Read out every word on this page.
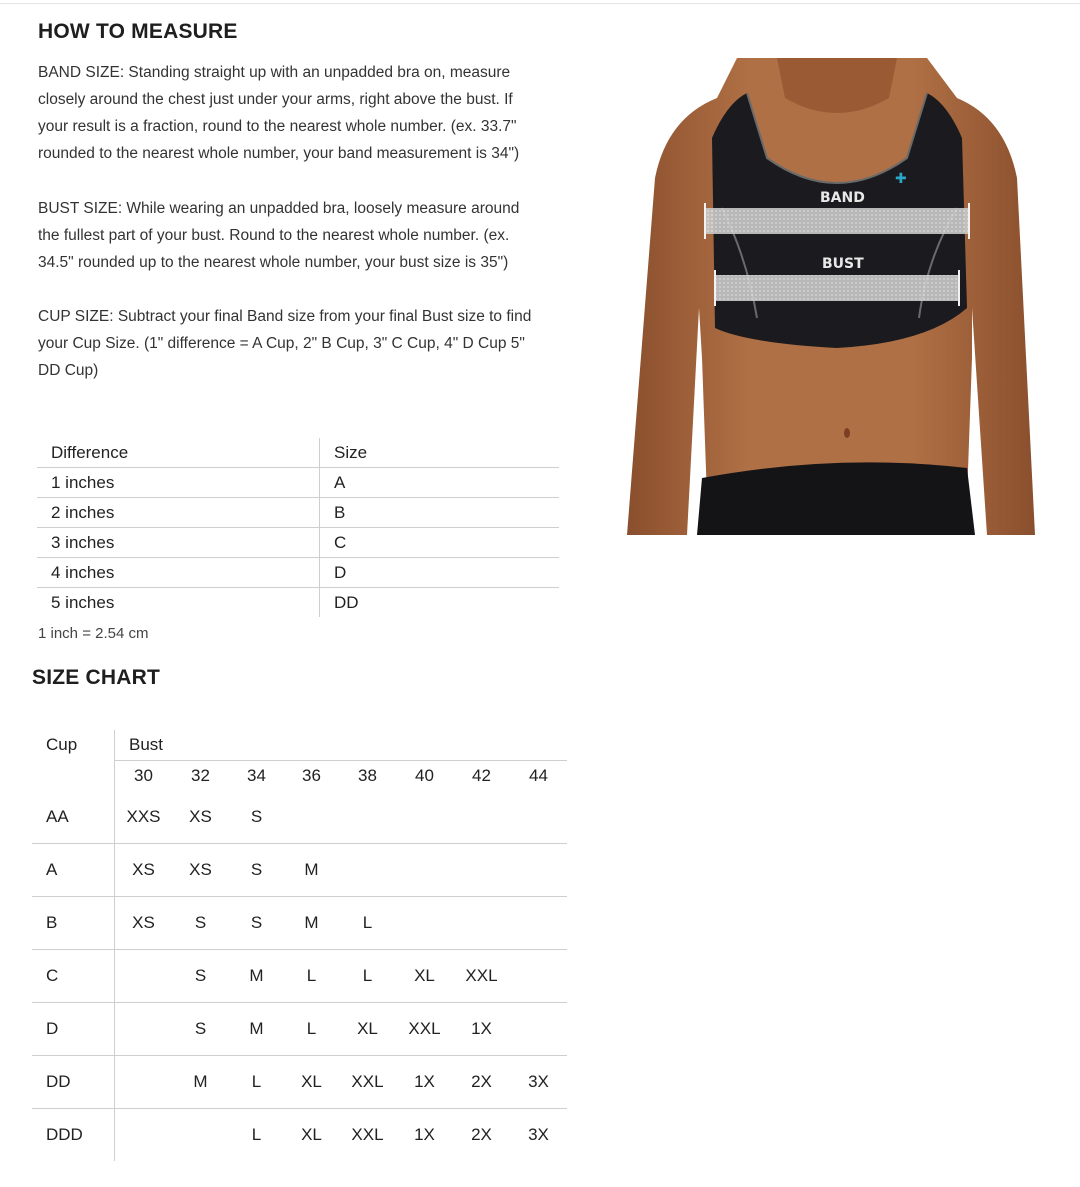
HOW TO MEASURE
BAND SIZE: Standing straight up with an unpadded bra on, measure
closely around the chest just under your arms, right above the bust. If
your result is a fraction, round to the nearest whole number. (ex. 33.7"
rounded to the nearest whole number, your band measurement is 34")
BUST SIZE: While wearing an unpadded bra, loosely measure around
the fullest part of your bust. Round to the nearest whole number. (ex.
34.5" rounded up to the nearest whole number, your bust size is 35")
CUP SIZE: Subtract your final Band size from your final Bust size to find
your Cup Size. (1" difference = A Cup, 2" B Cup, 3" C Cup, 4" D Cup 5"
DD Cup)
Difference	Size
1 inches	A
2 inches	B
3 inches	C
4 inches	D
5 inches	DD
1 inch = 2.54 cm
SIZE CHART
Cup	Bust							
	30	32	34	36	38	40	42	44
AA	XXS	XS	S					
A	XS	XS	S	M				
B	XS	S	S	M	L			
C		S	M	L	L	XL	XXL	
D		S	M	L	XL	XXL	1X	
DD		M	L	XL	XXL	1X	2X	3X
DDD			L	XL	XXL	1X	2X	3X
✚
BAND
BUST
